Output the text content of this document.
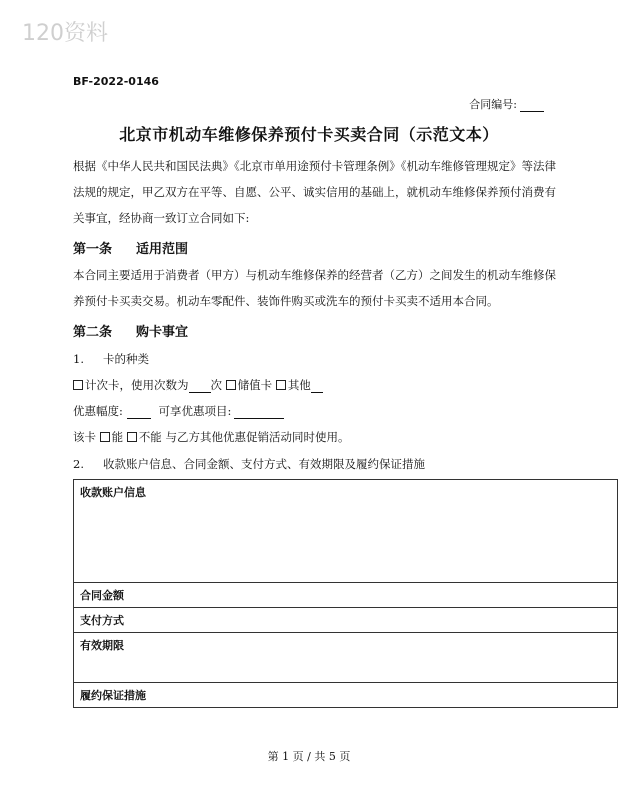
120资料
BF-2022-0146
合同编号:
北京市机动车维修保养预付卡买卖合同（示范文本）

根据《中华人民共和国民法典》《北京市单用途预付卡管理条例》《机动车维修管理规定》等法律法规的规定，甲乙双方在平等、自愿、公平、诚实信用的基础上，就机动车维修保养预付消费有关事宜，经协商一致订立合同如下:

第一条 适用范围

本合同主要适用于消费者（甲方）与机动车维修保养的经营者（乙方）之间发生的机动车维修保养预付卡买卖交易。机动车零配件、装饰件购买或洗车的预付卡买卖不适用本合同。

第二条 购卡事宜
1. 卡的种类
计次卡，使用次数为 次 储值卡 其他
优惠幅度:	可享优惠项目:
该卡 能 不能 与乙方其他优惠促销活动同时使用。
2. 收款账户信息、合同金额、支付方式、有效期限及履约保证措施
收款账户信息
合同金额
支付方式
有效期限
履约保证措施
第 1 页 / 共 5 页
